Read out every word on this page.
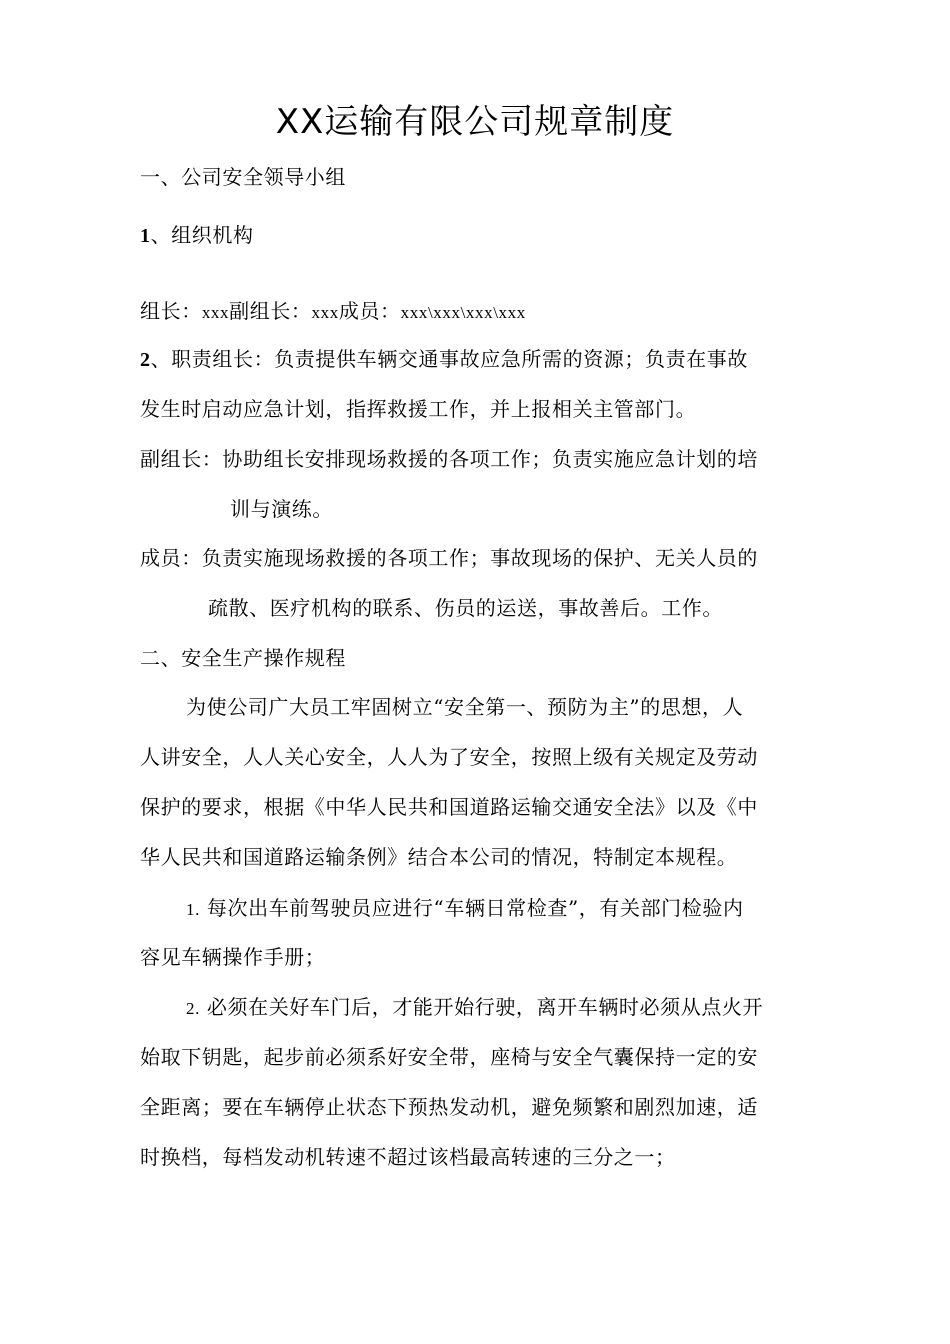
XX运输有限公司规章制度
一、公司安全领导小组
1、组织机构
组长：xxx副组长：xxx成员：xxx\xxx\xxx\xxx
2、职责组长：负责提供车辆交通事故应急所需的资源；负责在事故
发生时启动应急计划，指挥救援工作，并上报相关主管部门。
副组长：协助组长安排现场救援的各项工作；负责实施应急计划的培
训与演练。
成员：负责实施现场救援的各项工作；事故现场的保护、无关人员的
疏散、医疗机构的联系、伤员的运送，事故善后。工作。
二、安全生产操作规程
为使公司广大员工牢固树立“安全第一、预防为主”的思想，人
人讲安全，人人关心安全，人人为了安全，按照上级有关规定及劳动
保护的要求，根据《中华人民共和国道路运输交通安全法》以及《中
华人民共和国道路运输条例》结合本公司的情况，特制定本规程。
1. 每次出车前驾驶员应进行“车辆日常检查”，有关部门检验内
容见车辆操作手册；
2. 必须在关好车门后，才能开始行驶，离开车辆时必须从点火开
始取下钥匙，起步前必须系好安全带，座椅与安全气囊保持一定的安
全距离；要在车辆停止状态下预热发动机，避免频繁和剧烈加速，适
时换档，每档发动机转速不超过该档最高转速的三分之一；
